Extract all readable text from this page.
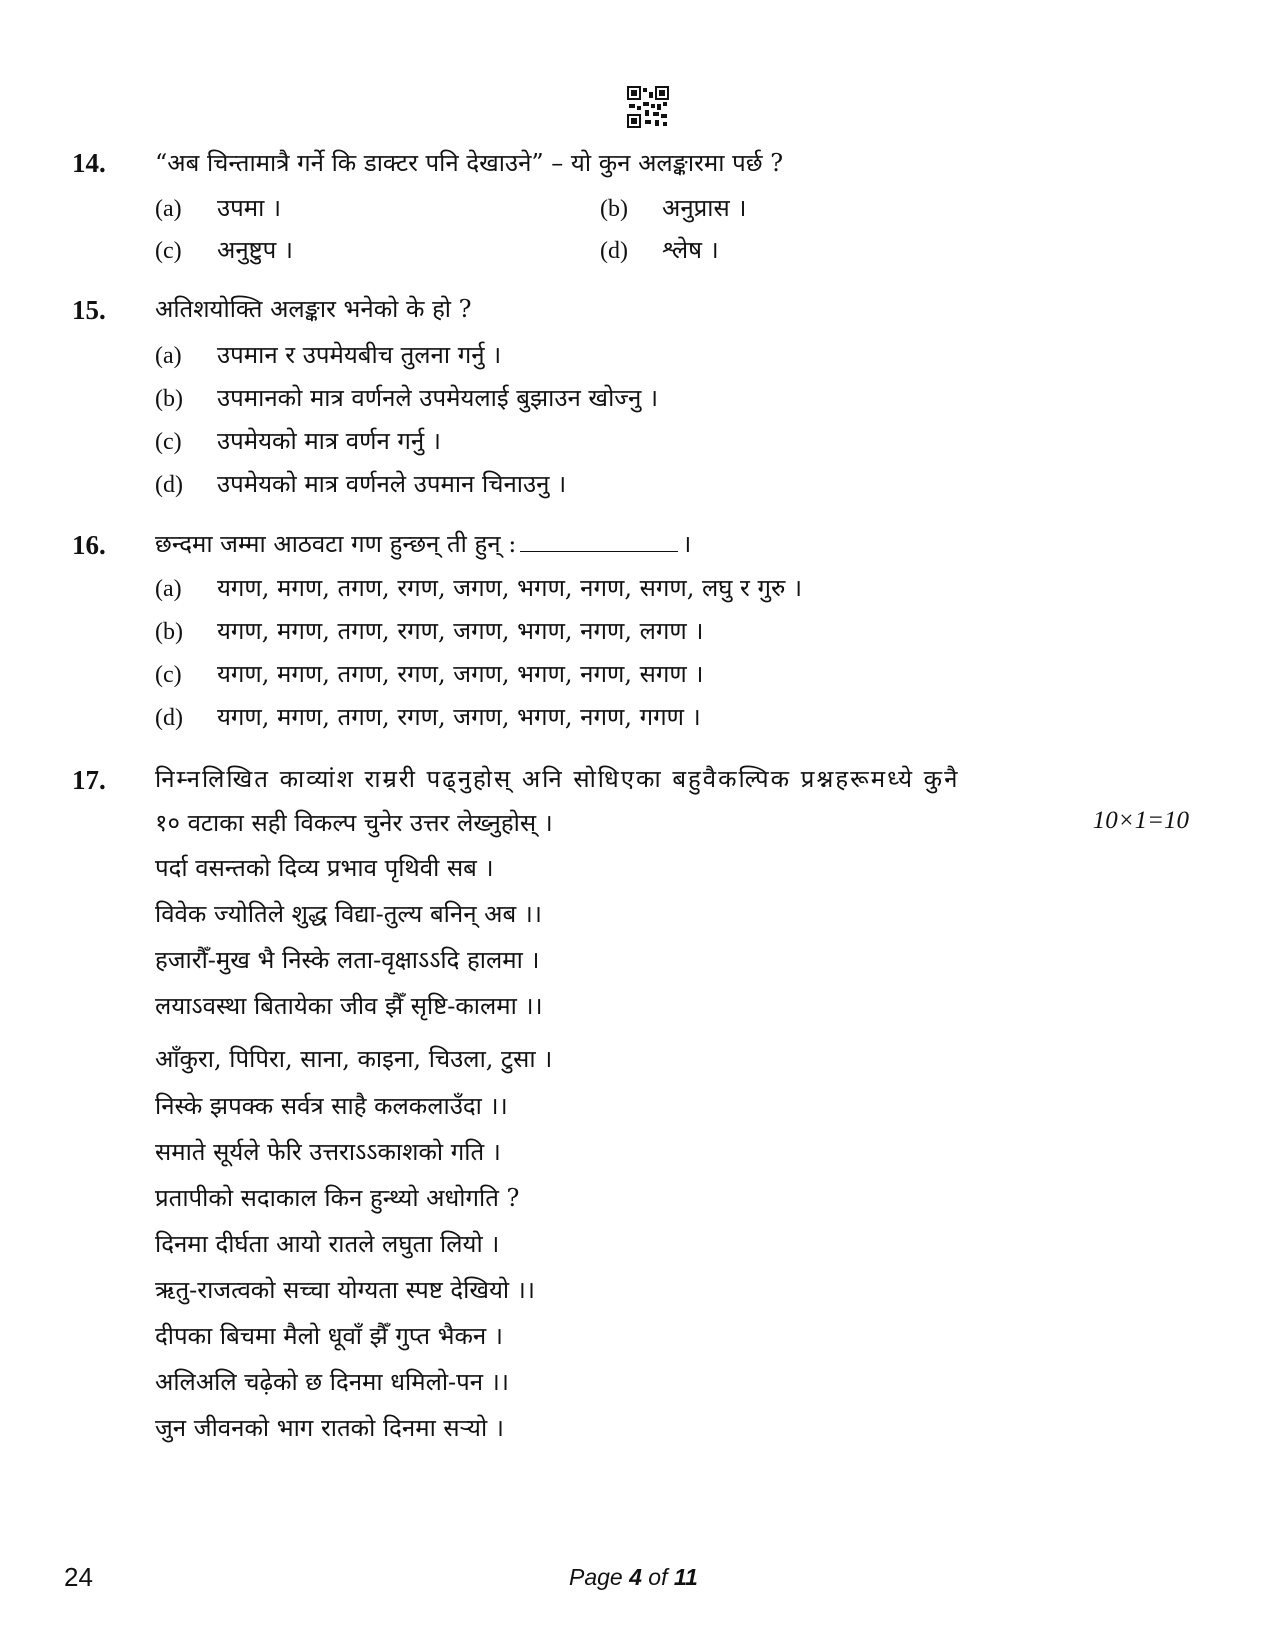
14. “अब चिन्तामात्रै गर्ने कि डाक्टर पनि देखाउने” – यो कुन अलङ्कारमा पर्छ ?
(a) उपमा ।	(b) अनुप्रास ।
(c) अनुष्टुप ।	(d) श्लेष ।
15. अतिशयोक्ति अलङ्कार भनेको के हो ?
(a) उपमान र उपमेयबीच तुलना गर्नु ।
(b) उपमानको मात्र वर्णनले उपमेयलाई बुझाउन खोज्नु ।
(c) उपमेयको मात्र वर्णन गर्नु ।
(d) उपमेयको मात्र वर्णनले उपमान चिनाउनु ।
16. छन्दमा जम्मा आठवटा गण हुन्छन् ती हुन् :	।
(a) यगण, मगण, तगण, रगण, जगण, भगण, नगण, सगण, लघु र गुरु ।
(b) यगण, मगण, तगण, रगण, जगण, भगण, नगण, लगण ।
(c) यगण, मगण, तगण, रगण, जगण, भगण, नगण, सगण ।
(d) यगण, मगण, तगण, रगण, जगण, भगण, नगण, गगण ।
17. निम्नलिखित काव्यांश राम्ररी पढ्नुहोस् अनि सोधिएका बहुवैकल्पिक प्रश्नहरूमध्ये कुनै
१० वटाका सही विकल्प चुनेर उत्तर लेख्नुहोस् ।	10×1=10
पर्दा वसन्तको दिव्य प्रभाव पृथिवी सब ।
विवेक ज्योतिले शुद्ध विद्या-तुल्य बनिन् अब ।।
हजारौँ-मुख भै निस्के लता-वृक्षाऽऽदि हालमा ।
लयाऽवस्था बितायेका जीव झैँ सृष्टि-कालमा ।।
आँकुरा, पिपिरा, साना, काइना, चिउला, टुसा ।
निस्के झपक्क सर्वत्र साहै कलकलाउँदा ।।
समाते सूर्यले फेरि उत्तराऽऽकाशको गति ।
प्रतापीको सदाकाल किन हुन्थ्यो अधोगति ?
दिनमा दीर्घता आयो रातले लघुता लियो ।
ऋतु-राजत्वको सच्चा योग्यता स्पष्ट देखियो ।।
दीपका बिचमा मैलो धूवाँ झैँ गुप्त भैकन ।
अलिअलि चढ़ेको छ दिनमा धमिलो-पन ।।
जुन जीवनको भाग रातको दिनमा सऱ्यो ।
24	Page 4 of 11
